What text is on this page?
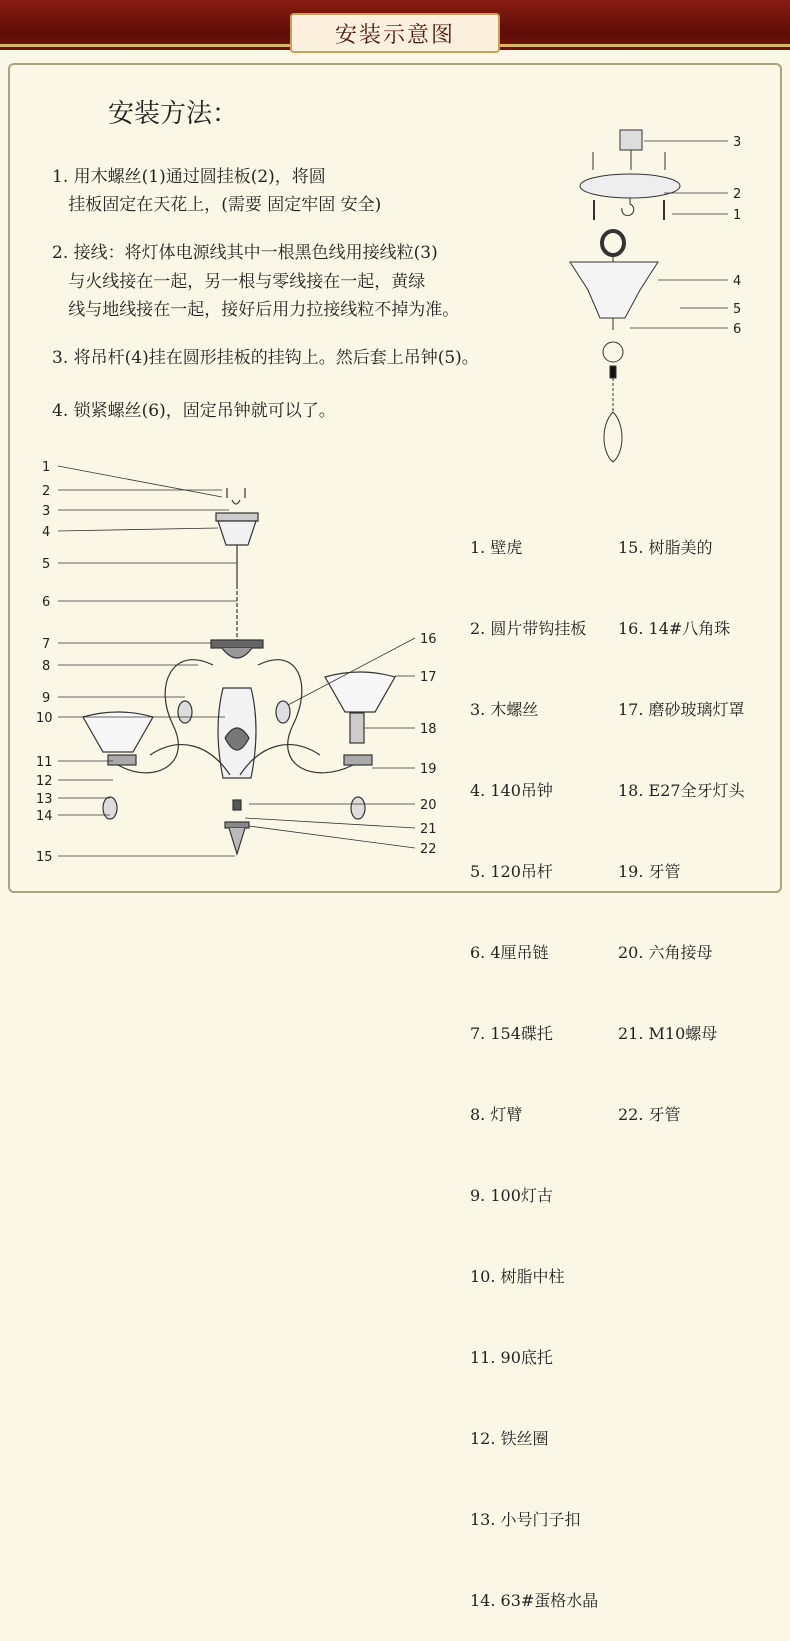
安装示意图
安装方法：
1. 用木螺丝(1)通过圆挂板(2)，将圆
挂板固定在天花上，(需要 固定牢固 安全)
2. 接线：将灯体电源线其中一根黑色线用接线粒(3)
与火线接在一起，另一根与零线接在一起，黄绿
线与地线接在一起，接好后用力拉接线粒不掉为准。
3. 将吊杆(4)挂在圆形挂板的挂钩上。然后套上吊钟(5)。
4. 锁紧螺丝(6)，固定吊钟就可以了。

1. 壁虎

2. 圆片带钩挂板

3. 木螺丝

4. 140吊钟

5. 120吊杆

6. 4厘吊链

7. 154碟托

8. 灯臂

9. 100灯古

10. 树脂中柱

11. 90底托

12. 铁丝圈

13. 小号门子扣

14. 63#蛋格水晶

15. 树脂美的

16. 14#八角珠

17. 磨砂玻璃灯罩

18. E27全牙灯头

19. 牙管

20. 六角接母

21. M10螺母

22. 牙管

3
2
1
4
5
6
1
2
3
4
5
6
7
8
9
10
11
12
13
14
15
16
17
18
19
20
21
22
